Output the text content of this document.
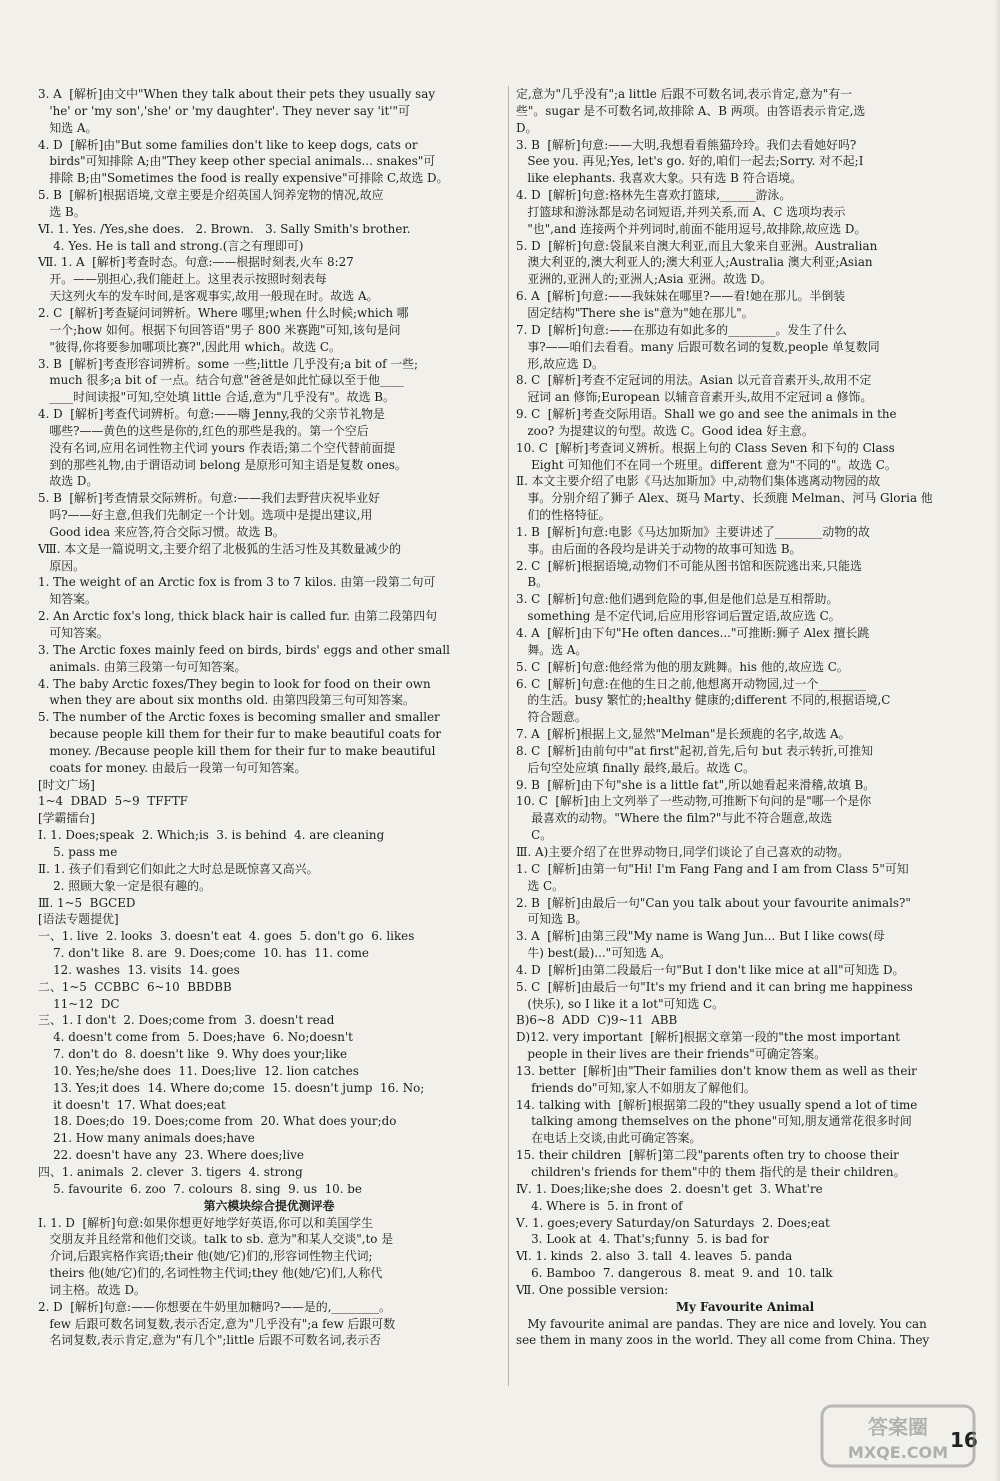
3. A  [解析]由文中"When they talk about their pets they usually say
'he' or 'my son','she' or 'my daughter'. They never say 'it'"可
知选 A。
4. D  [解析]由"But some families don't like to keep dogs, cats or
birds"可知排除 A;由"They keep other special animals... snakes"可
排除 B;由"Sometimes the food is really expensive"可排除 C,故选 D。
5. B  [解析]根据语境,文章主要是介绍英国人饲养宠物的情况,故应
选 B。
Ⅵ. 1. Yes. /Yes,she does.   2. Brown.   3. Sally Smith's brother.
4. Yes. He is tall and strong.(言之有理即可)
Ⅶ. 1. A  [解析]考查时态。句意:——根据时刻表,火车 8:27
开。——别担心,我们能赶上。这里表示按照时刻表每
天这列火车的发车时间,是客观事实,故用一般现在时。故选 A。
2. C  [解析]考查疑问词辨析。Where 哪里;when 什么时候;which 哪
一个;how 如何。根据下句回答语"男子 800 米赛跑"可知,该句是问
"彼得,你将要参加哪项比赛?",因此用 which。故选 C。
3. B  [解析]考查形容词辨析。some 一些;little 几乎没有;a bit of 一些;
much 很多;a bit of 一点。结合句意"爸爸是如此忙碌以至于他____
____时间读报"可知,空处填 little 合适,意为"几乎没有"。故选 B。
4. D  [解析]考查代词辨析。句意:——嗨 Jenny,我的父亲节礼物是
哪些?——黄色的这些是你的,红色的那些是我的。第一个空后
没有名词,应用名词性物主代词 yours 作表语;第二个空代替前面提
到的那些礼物,由于谓语动词 belong 是原形可知主语是复数 ones。
故选 D。
5. B  [解析]考查情景交际辨析。句意:——我们去野营庆祝毕业好
吗?——好主意,但我们先制定一个计划。选项中是提出建议,用
Good idea 来应答,符合交际习惯。故选 B。
Ⅷ. 本文是一篇说明文,主要介绍了北极狐的生活习性及其数量减少的
原因。
1. The weight of an Arctic fox is from 3 to 7 kilos. 由第一段第二句可
知答案。
2. An Arctic fox's long, thick black hair is called fur. 由第二段第四句
可知答案。
3. The Arctic foxes mainly feed on birds, birds' eggs and other small
animals. 由第三段第一句可知答案。
4. The baby Arctic foxes/They begin to look for food on their own
when they are about six months old. 由第四段第三句可知答案。
5. The number of the Arctic foxes is becoming smaller and smaller
because people kill them for their fur to make beautiful coats for
money. /Because people kill them for their fur to make beautiful
coats for money. 由最后一段第一句可知答案。
[时文广场]
1~4  DBAD  5~9  TFFTF
[学霸擂台]
Ⅰ. 1. Does;speak  2. Which;is  3. is behind  4. are cleaning
5. pass me
Ⅱ. 1. 孩子们看到它们如此之大时总是既惊喜又高兴。
2. 照顾大象一定是很有趣的。
Ⅲ. 1~5  BGCED
[语法专题提优]
一、1. live  2. looks  3. doesn't eat  4. goes  5. don't go  6. likes
7. don't like  8. are  9. Does;come  10. has  11. come
12. washes  13. visits  14. goes
二、1~5  CCBBC  6~10  BBDBB
11~12  DC
三、1. I don't  2. Does;come from  3. doesn't read
4. doesn't come from  5. Does;have  6. No;doesn't
7. don't do  8. doesn't like  9. Why does your;like
10. Yes;he/she does  11. Does;live  12. lion catches
13. Yes;it does  14. Where do;come  15. doesn't jump  16. No;
it doesn't  17. What does;eat
18. Does;do  19. Does;come from  20. What does your;do
21. How many animals does;have
22. doesn't have any  23. Where does;live
四、1. animals  2. clever  3. tigers  4. strong
5. favourite  6. zoo  7. colours  8. sing  9. us  10. be
第六模块综合提优测评卷
Ⅰ. 1. D  [解析]句意:如果你想更好地学好英语,你可以和美国学生
交朋友并且经常和他们交谈。talk to sb. 意为"和某人交谈",to 是
介词,后跟宾格作宾语;their 他(她/它)们的,形容词性物主代词;
theirs 他(她/它)们的,名词性物主代词;they 他(她/它)们,人称代
词主格。故选 D。
2. D  [解析]句意:——你想要在牛奶里加糖吗?——是的,________。
few 后跟可数名词复数,表示否定,意为"几乎没有";a few 后跟可数
名词复数,表示肯定,意为"有几个";little 后跟不可数名词,表示否
定,意为"几乎没有";a little 后跟不可数名词,表示肯定,意为"有一
些"。sugar 是不可数名词,故排除 A、B 两项。由答语表示肯定,选
D。
3. B  [解析]句意:——大明,我想看看熊猫玲玲。我们去看她好吗?
See you. 再见;Yes, let's go. 好的,咱们一起去;Sorry. 对不起;I
like elephants. 我喜欢大象。只有选 B 符合语境。
4. D  [解析]句意:格林先生喜欢打篮球,______游泳。
打篮球和游泳都是动名词短语,并列关系,而 A、C 选项均表示
"也",and 连接两个并列词时,前面不能用逗号,故排除,故应选 D。
5. D  [解析]句意:袋鼠来自澳大利亚,而且大象来自亚洲。Australian
澳大利亚的,澳大利亚人的;澳大利亚人;Australia 澳大利亚;Asian
亚洲的,亚洲人的;亚洲人;Asia 亚洲。故选 D。
6. A  [解析]句意:——我妹妹在哪里?——看!她在那儿。半倒装
固定结构"There she is"意为"她在那儿"。
7. D  [解析]句意:——在那边有如此多的________。发生了什么
事?——咱们去看看。many 后跟可数名词的复数,people 单复数同
形,故应选 D。
8. C  [解析]考查不定冠词的用法。Asian 以元音音素开头,故用不定
冠词 an 修饰;European 以辅音音素开头,故用不定冠词 a 修饰。
9. C  [解析]考查交际用语。Shall we go and see the animals in the
zoo? 为提建议的句型。故选 C。Good idea 好主意。
10. C  [解析]考查词义辨析。根据上句的 Class Seven 和下句的 Class
Eight 可知他们不在同一个班里。different 意为"不同的"。故选 C。
Ⅱ. 本文主要介绍了电影《马达加斯加》中,动物们集体逃离动物园的故
事。分别介绍了狮子 Alex、斑马 Marty、长颈鹿 Melman、河马 Gloria 他
们的性格特征。
1. B  [解析]句意:电影《马达加斯加》主要讲述了________动物的故
事。由后面的各段均是讲关于动物的故事可知选 B。
2. C  [解析]根据语境,动物们不可能从图书馆和医院逃出来,只能选
B。
3. C  [解析]句意:他们遇到危险的事,但是他们总是互相帮助。
something 是不定代词,后应用形容词后置定语,故应选 C。
4. A  [解析]由下句"He often dances..."可推断:狮子 Alex 擅长跳
舞。选 A。
5. C  [解析]句意:他经常为他的朋友跳舞。his 他的,故应选 C。
6. C  [解析]句意:在他的生日之前,他想离开动物园,过一个________
的生活。busy 繁忙的;healthy 健康的;different 不同的,根据语境,C
符合题意。
7. A  [解析]根据上文,显然"Melman"是长颈鹿的名字,故选 A。
8. C  [解析]由前句中"at first"起初,首先,后句 but 表示转折,可推知
后句空处应填 finally 最终,最后。故选 C。
9. B  [解析]由下句"she is a little fat",所以她看起来滑稽,故填 B。
10. C  [解析]由上文列举了一些动物,可推断下句问的是"哪一个是你
最喜欢的动物。"Where the film?"与此不符合题意,故选
C。
Ⅲ. A)主要介绍了在世界动物日,同学们谈论了自己喜欢的动物。
1. C  [解析]由第一句"Hi! I'm Fang Fang and I am from Class 5"可知
选 C。
2. B  [解析]由最后一句"Can you talk about your favourite animals?"
可知选 B。
3. A  [解析]由第三段"My name is Wang Jun... But I like cows(母
牛) best(最)..."可知选 A。
4. D  [解析]由第二段最后一句"But I don't like mice at all"可知选 D。
5. C  [解析]由最后一句"It's my friend and it can bring me happiness
(快乐), so I like it a lot"可知选 C。
B)6~8  ADD  C)9~11  ABB
D)12. very important  [解析]根据文章第一段的"the most important
people in their lives are their friends"可确定答案。
13. better  [解析]由"Their families don't know them as well as their
friends do"可知,家人不如朋友了解他们。
14. talking with  [解析]根据第二段的"they usually spend a lot of time
talking among themselves on the phone"可知,朋友通常花很多时间
在电话上交谈,由此可确定答案。
15. their children  [解析]第二段"parents often try to choose their
children's friends for them"中的 them 指代的是 their children。
Ⅳ. 1. Does;like;she does  2. doesn't get  3. What're
4. Where is  5. in front of
Ⅴ. 1. goes;every Saturday/on Saturdays  2. Does;eat
3. Look at  4. That's;funny  5. is bad for
Ⅵ. 1. kinds  2. also  3. tall  4. leaves  5. panda
6. Bamboo  7. dangerous  8. meat  9. and  10. talk
Ⅶ. One possible version:
My Favourite Animal
My favourite animal are pandas. They are nice and lovely. You can
see them in many zoos in the world. They all come from China. They
16
答案圈
MXQE.COM
